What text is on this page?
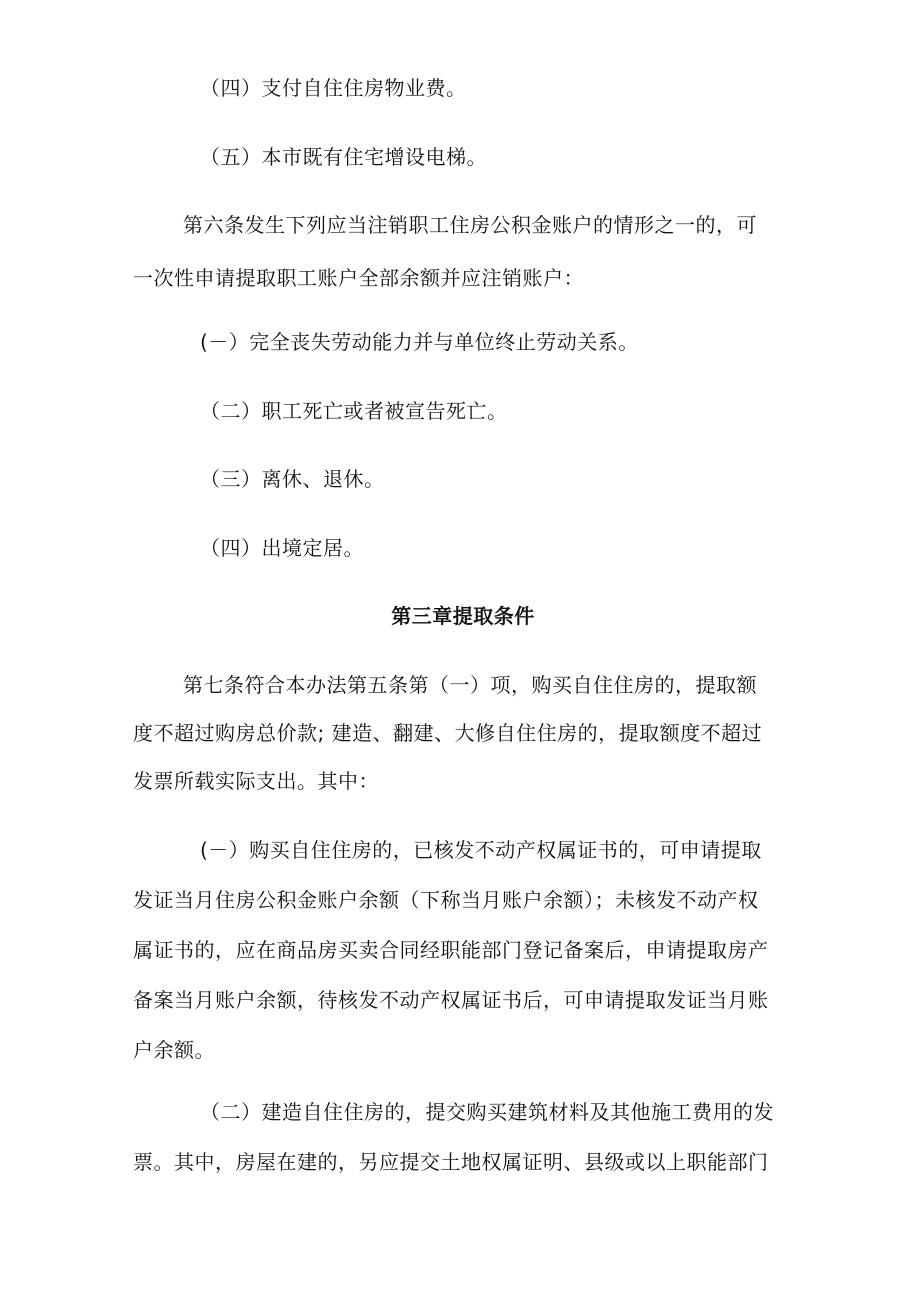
（四）支付自住住房物业费。
（五）本市既有住宅增设电梯。
第六条发生下列应当注销职工住房公积金账户的情形之一的，可
一次性申请提取职工账户全部余额并应注销账户：
(－）完全丧失劳动能力并与单位终止劳动关系。
（二）职工死亡或者被宣告死亡。
（三）离休、退休。
（四）出境定居。
第三章提取条件
第七条符合本办法第五条第（一）项，购买自住住房的，提取额
度不超过购房总价款; 建造、翻建、大修自住住房的，提取额度不超过
发票所载实际支出。其中：
(－）购买自住住房的，已核发不动产权属证书的，可申请提取
发证当月住房公积金账户余额（下称当月账户余额）；未核发不动产权
属证书的，应在商品房买卖合同经职能部门登记备案后，申请提取房产
备案当月账户余额，待核发不动产权属证书后，可申请提取发证当月账
户余额。
（二）建造自住住房的，提交购买建筑材料及其他施工费用的发
票。其中，房屋在建的，另应提交土地权属证明、县级或以上职能部门
